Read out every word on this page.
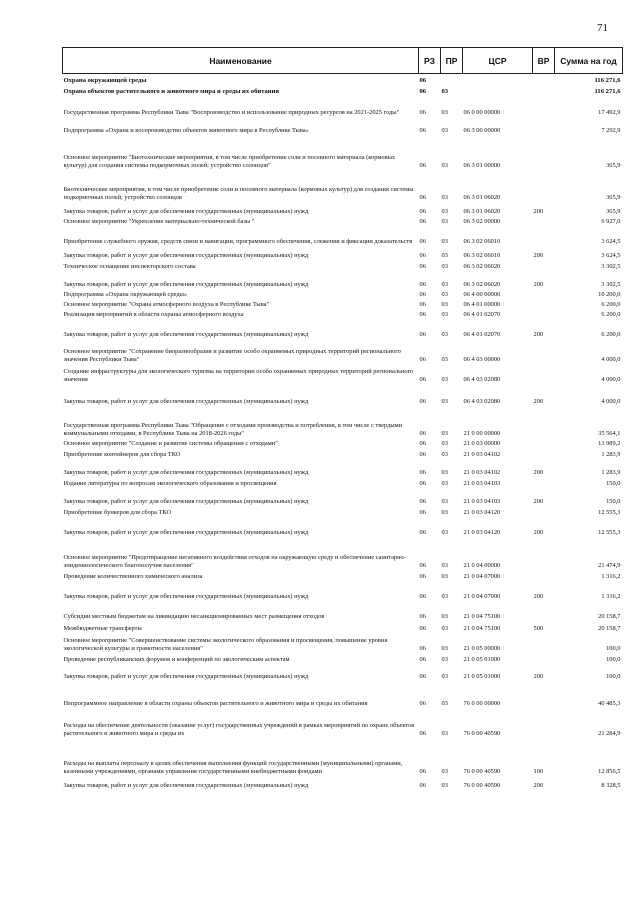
71
Наименование	РЗ	ПР	ЦСР	ВР	Сумма на год
Охрана окружающей среды	06				116 271,6
Охрана объектов растительного и животного мира и среды их обитания	06	03			116 271,6
Государственная программа Республики Тыва "Воспроизводство и использование природных ресурсов на 2021-2025 годы"	06	03	06 0 00 00000		17 492,9
Подпрограмма «Охрана и воспроизводство объектов животного мира в Республике Тыва»	06	03	06 3 00 00000		7 292,9
Основное мероприятие "Биотехнические мероприятия, в том числе приобретение соли и посевного материала (кормовых культур) для создания системы подкормочных полей; устройство солонцов"	06	03	06 3 01 00000		365,9
Биотехнические мероприятия, в том числе приобретение соли и посевного материала (кормовых культур) для создания системы подкормочных полей; устройство солонцов	06	03	06 3 01 06020		365,9
Закупка товаров, работ и услуг для обеспечения государственных (муниципальных) нужд	06	03	06 3 01 06020	200	365,9
Основное мероприятие "Укрепление материально-технической базы "	06	03	06 3 02 00000		6 927,0
Приобретение служебного оружия, средств связи и навигации, программного обеспечения, слежения и фиксации доказательств	06	03	06 3 02 06010		3 624,5
Закупка товаров, работ и услуг для обеспечения государственных (муниципальных) нужд	06	03	06 3 02 06010	200	3 624,5
Техническое оснащение инспекторского состава	06	03	06 3 02 06020		3 302,5
Закупка товаров, работ и услуг для обеспечения государственных (муниципальных) нужд	06	03	06 3 02 06020	200	3 302,5
Подпрограмма «Охрана окружающей среды»	06	03	06 4 00 00000		10 200,0
Основное мероприятие "Охрана атмосферного воздуха в Республике Тыва"	06	03	06 4 01 00000		6 200,0
Реализация мероприятий в области охраны атмосферного воздуха	06	03	06 4 01 02070		6 200,0
Закупка товаров, работ и услуг для обеспечения государственных (муниципальных) нужд	06	03	06 4 01 02070	200	6 200,0
Основное мероприятие "Сохранение биоразнообразия и развитие особо охраняемых природных территорий регионального значения Республики Тыва"	06	03	06 4 03 00000		4 000,0
Создание инфраструктуры для экологического туризма на территории особо охраняемых природных территорий регионального значения	06	03	06 4 03 02080		4 000,0
Закупка товаров, работ и услуг для обеспечения государственных (муниципальных) нужд	06	03	06 4 03 02080	200	4 000,0
Государственная программа Республики Тыва "Обращение с отходами производства и потребления, в том числе с твердыми коммунальными отходами, в Республике Тыва на 2018-2026 годы"	06	03	21 0 00 00000		35 564,1
Основное мероприятие "Создание и развитие системы обращения с отходами"	06	03	21 0 03 00000		13 989,2
Приобретение контейнеров для сбора ТКО	06	03	21 0 03 04102		1 283,9
Закупка товаров, работ и услуг для обеспечения государственных (муниципальных) нужд	06	03	21 0 03 04102	200	1 283,9
Издание литературы по вопросам экологического образования и просвещения	06	03	21 0 03 04103		150,0
Закупка товаров, работ и услуг для обеспечения государственных (муниципальных) нужд	06	03	21 0 03 04103	200	150,0
Приобретение бункеров для сбора ТКО	06	03	21 0 03 04120		12 555,3
Закупка товаров, работ и услуг для обеспечения государственных (муниципальных) нужд	06	03	21 0 03 04120	200	12 555,3
Основное мероприятие "Предотвращение негативного воздействия отходов на окружающую среду и обеспечение санитарно-эпидемиологического благополучия населения"	06	03	21 0 04 00000		21 474,9
Проведение количественного химического анализа	06	03	21 0 04 07000		1 316,2
Закупка товаров, работ и услуг для обеспечения государственных (муниципальных) нужд	06	03	21 0 04 07000	200	1 316,2
Субсидии местным бюджетам на ликвидацию несанкционированных мест размещения отходов	06	03	21 0 04 75100		20 158,7
Межбюджетные трансферты	06	03	21 0 04 75100	500	20 158,7
Основное мероприятие "Совершенствование системы экологического образования и просвещения, повышение уровня экологической культуры и грамотности населения"	06	03	21 0 05 00000		100,0
Проведение республиканских форумов и конференций по экологическим аспектам	06	03	21 0 05 01000		100,0
Закупка товаров, работ и услуг для обеспечения государственных (муниципальных) нужд	06	03	21 0 05 01000	200	100,0
Непрограммное направление в области охраны объектов растительного и животного мира и среды их обитания	06	03	76 0 00 00000		40 485,3
Расходы на обеспечение деятельности (оказание услуг) государственных учреждений в рамках мероприятий по охране объектов растительного и животного мира и среды их	06	03	76 0 00 40590		21 284,9
Расходы на выплаты персоналу в целях обеспечения выполнения функций государственными (муниципальными) органами, казенными учреждениями, органами управления государственными внебюджетными фондами	06	03	76 0 00 40590	100	12 856,5
Закупка товаров, работ и услуг для обеспечения государственных (муниципальных) нужд	06	03	76 0 00 40590	200	8 328,5
